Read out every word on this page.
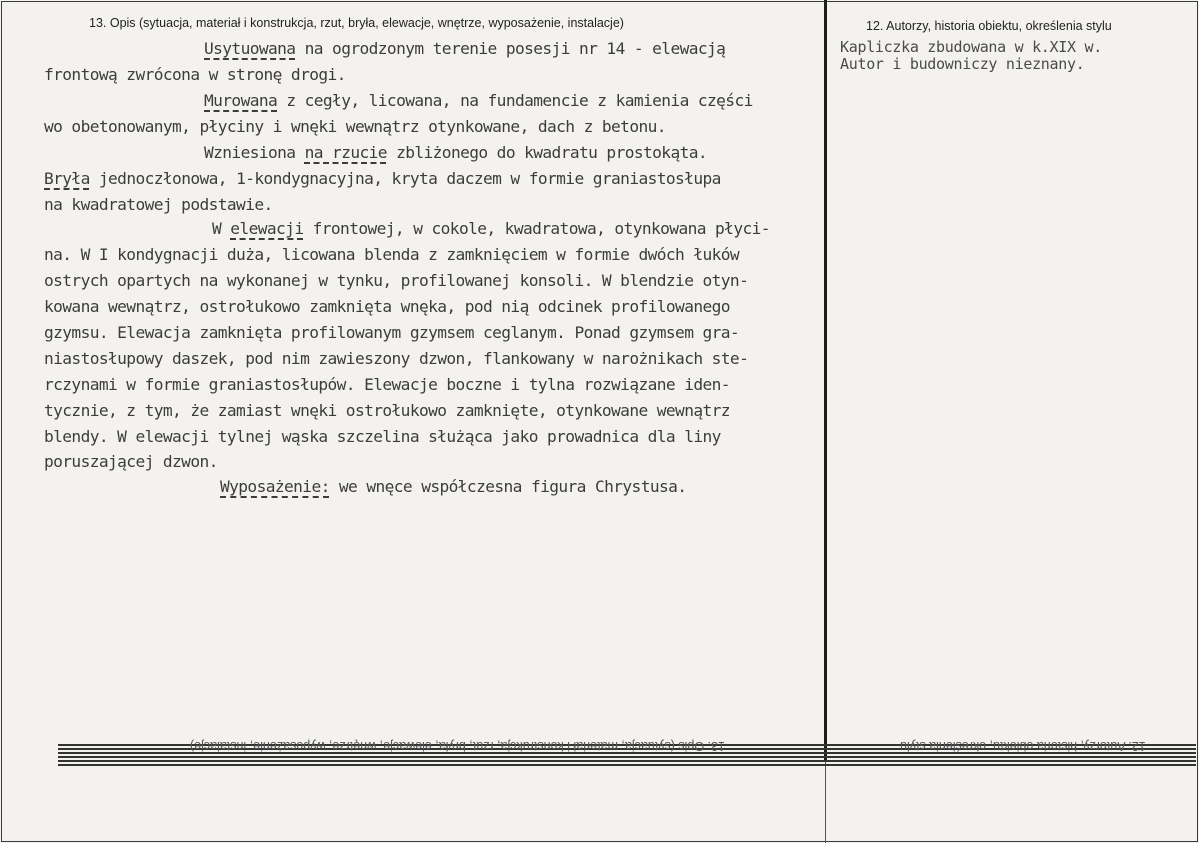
13. Opis (sytuacja, materiał i konstrukcja, rzut, bryła, elewacje, wnętrze, wyposażenie, instalacje)	12. Autorzy, historia obiektu, określenia stylu
Usytuowana na ogrodzonym terenie posesji nr 14 - elewacją
frontową zwrócona w stronę drogi.
Murowana z cegły, licowana, na fundamencie z kamienia części
wo obetonowanym, płyciny i wnęki wewnątrz otynkowane, dach z betonu.
Wzniesiona na rzucie zbliżonego do kwadratu prostokąta.
Bryła jednoczłonowa, 1-kondygnacyjna, kryta daczem w formie graniastosłupa
na kwadratowej podstawie.
W elewacji frontowej, w cokole, kwadratowa, otynkowana płyci-
na. W I kondygnacji duża, licowana blenda z zamknięciem w formie dwóch łuków
ostrych opartych na wykonanej w tynku, profilowanej konsoli. W blendzie otyn-
kowana wewnątrz, ostrołukowo zamknięta wnęka, pod nią odcinek profilowanego
gzymsu. Elewacja zamknięta profilowanym gzymsem ceglanym. Ponad gzymsem gra-
niastosłupowy daszek, pod nim zawieszony dzwon, flankowany w narożnikach ste-
rczynami w formie graniastosłupów. Elewacje boczne i tylna rozwiązane iden-
tycznie, z tym, że zamiast wnęki ostrołukowo zamknięte, otynkowane wewnątrz
blendy. W elewacji tylnej wąska szczelina służąca jako prowadnica dla liny
poruszającej dzwon.
Wyposażenie: we wnęce współczesna figura Chrystusa.
Kapliczka zbudowana w k.XIX w.
Autor i budowniczy nieznany.
13. Opis (sytuacja, materiał i konstrukcja, rzut, bryła, elewacje, wnętrze, wyposażenie, instalacje)	12. Autorzy, historia obiektu, określenia stylu
